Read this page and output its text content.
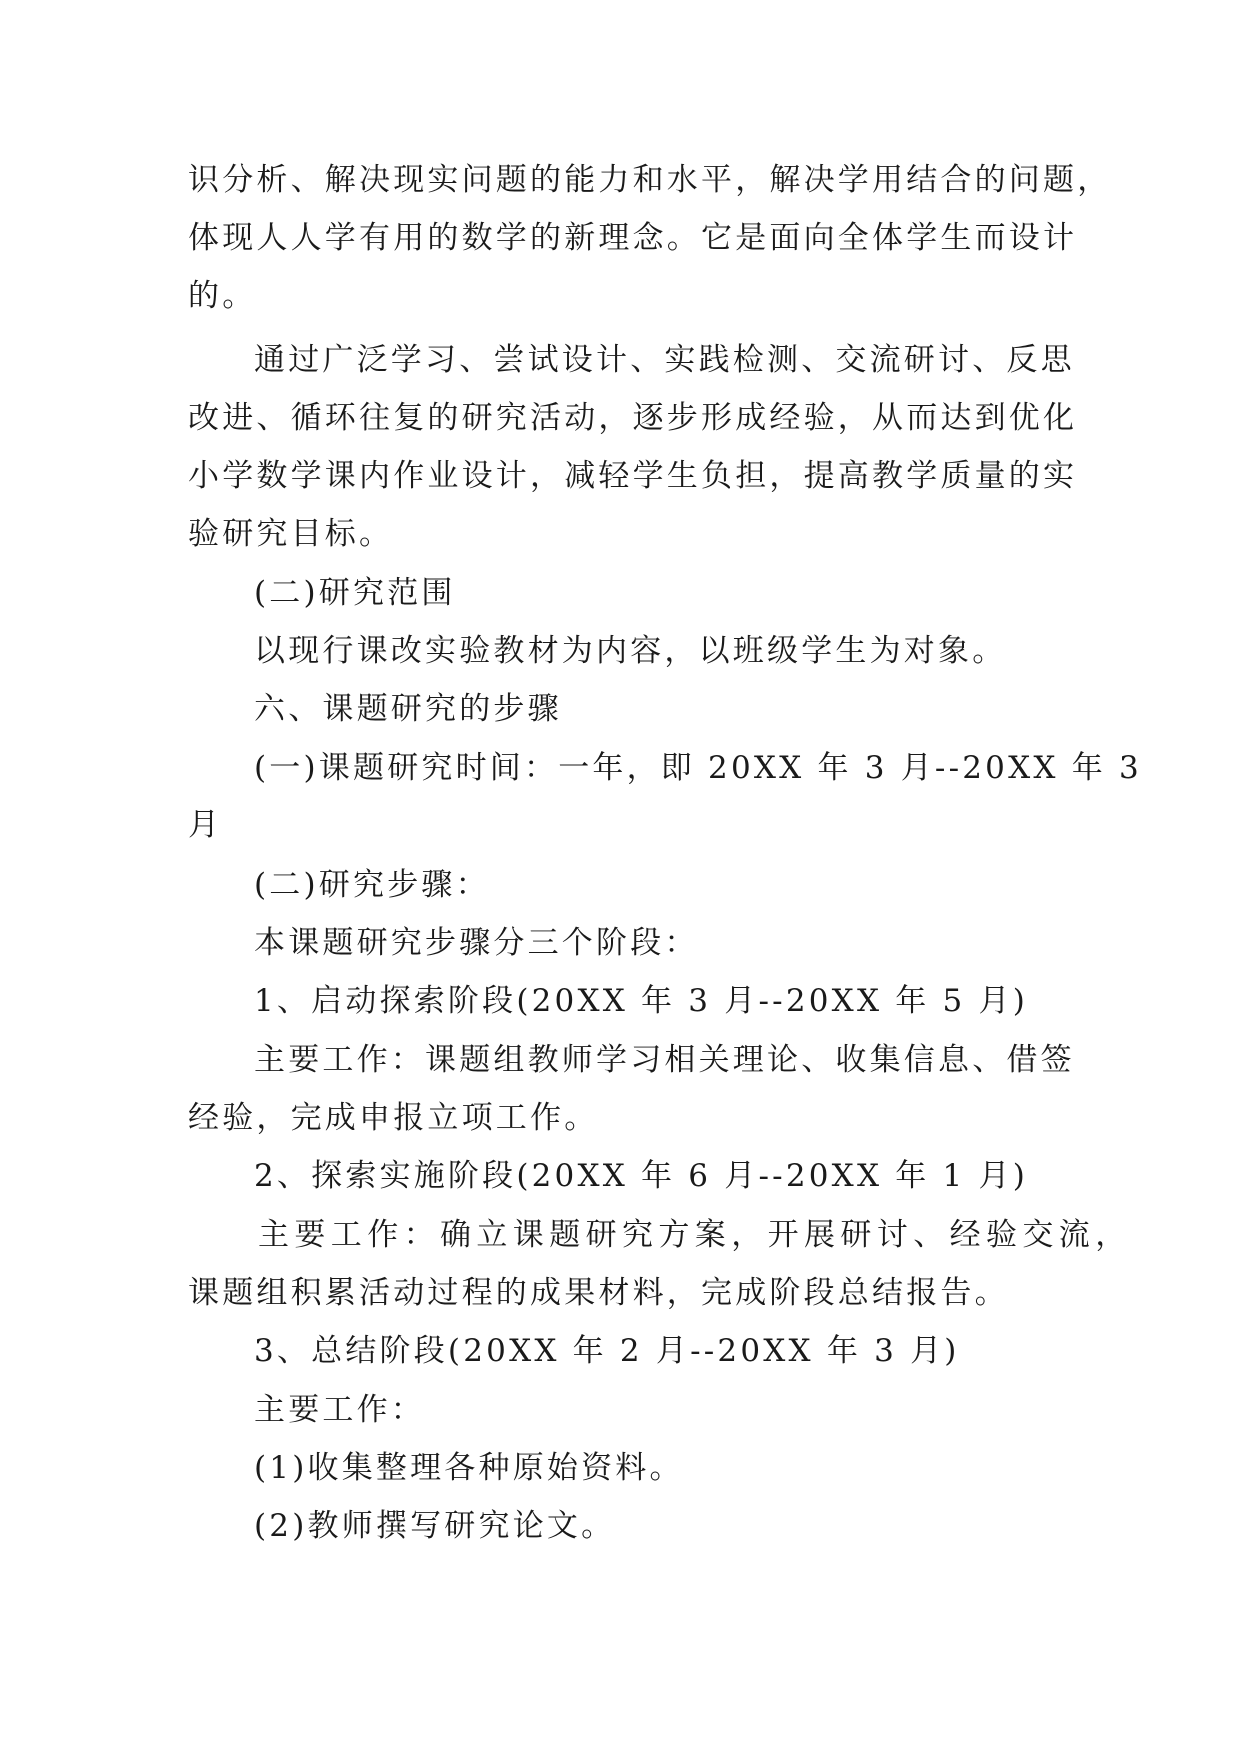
识分析、解决现实问题的能力和水平，解决学用结合的问题，
体现人人学有用的数学的新理念。它是面向全体学生而设计
的。
通过广泛学习、尝试设计、实践检测、交流研讨、反思
改进、循环往复的研究活动，逐步形成经验，从而达到优化
小学数学课内作业设计，减轻学生负担，提高教学质量的实
验研究目标。
(二)研究范围
以现行课改实验教材为内容，以班级学生为对象。
六、课题研究的步骤
(一)课题研究时间：一年，即 20XX 年 3 月--20XX 年 3
月
(二)研究步骤：
本课题研究步骤分三个阶段：
1、启动探索阶段(20XX 年 3 月--20XX 年 5 月)
主要工作：课题组教师学习相关理论、收集信息、借签
经验，完成申报立项工作。
2、探索实施阶段(20XX 年 6 月--20XX 年 1 月)
主要工作：确立课题研究方案，开展研讨、经验交流，
课题组积累活动过程的成果材料，完成阶段总结报告。
3、总结阶段(20XX 年 2 月--20XX 年 3 月)
主要工作：
(1)收集整理各种原始资料。
(2)教师撰写研究论文。
